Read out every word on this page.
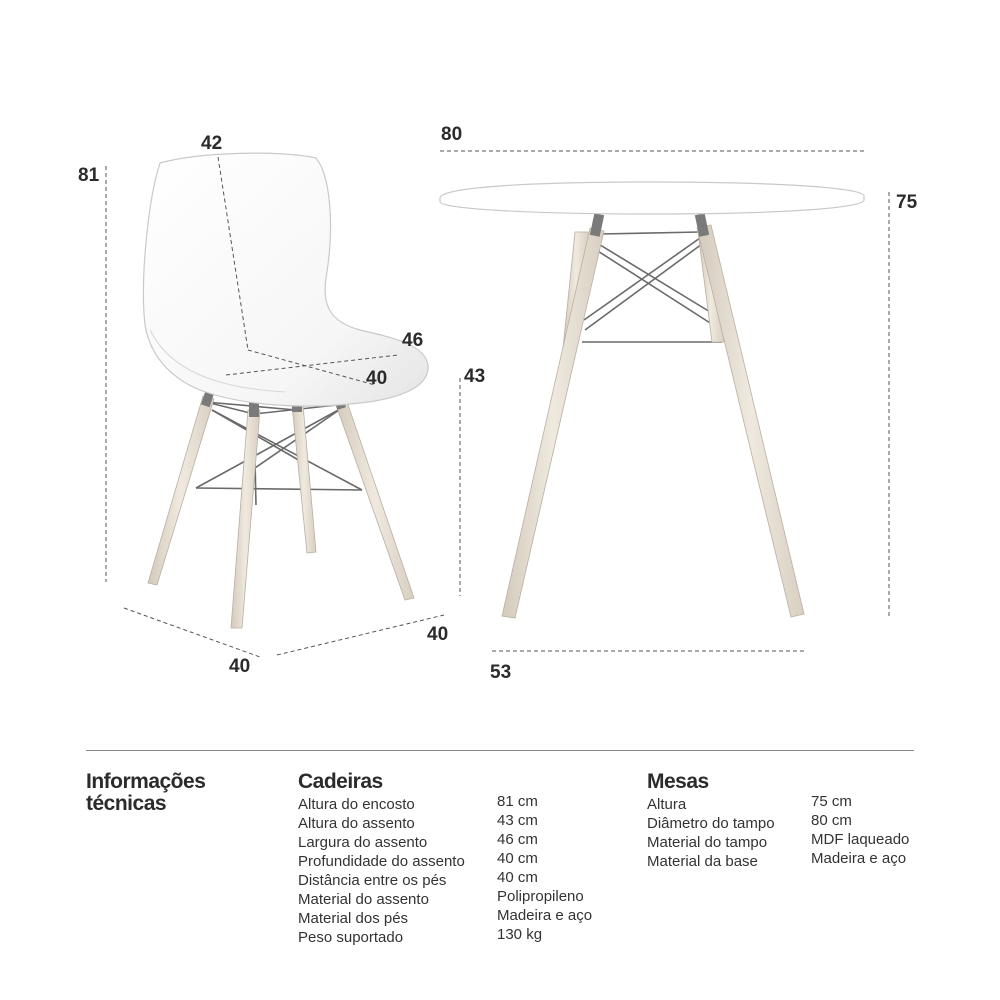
81
42
46
40	43
40
40
80
75
53
Informações técnicas
Cadeiras
Altura do encosto
Altura do assento
Largura do assento
Profundidade do assento
Distância entre os pés
Material do assento
Material dos pés
Peso suportado
81 cm
43 cm
46 cm
40 cm
40 cm
Polipropileno
Madeira e aço
130 kg
Mesas
Altura
Diâmetro do tampo
Material do tampo
Material da base
75 cm
80 cm
MDF laqueado
Madeira e aço
